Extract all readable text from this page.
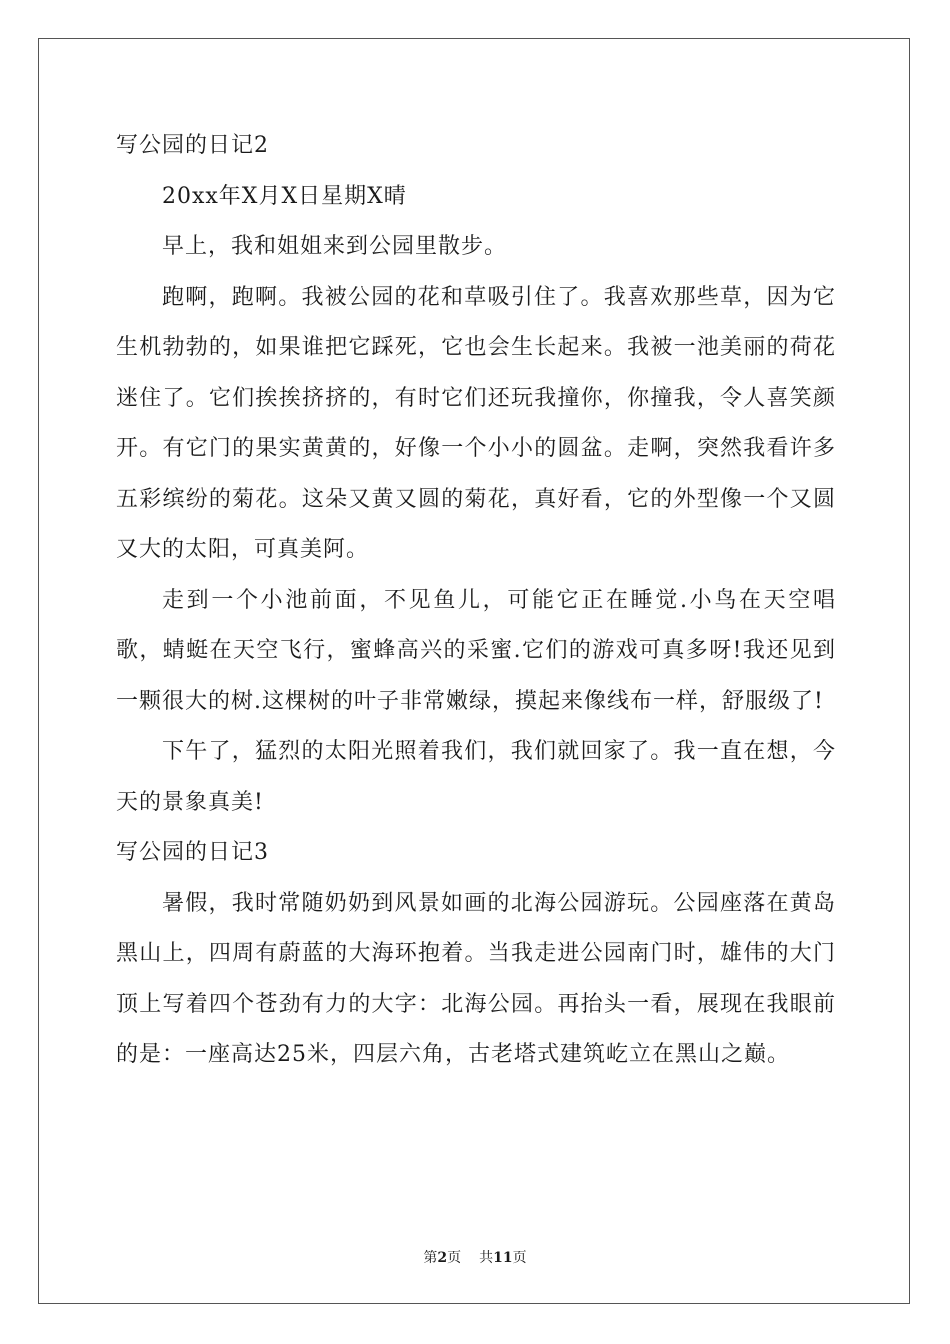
写公园的日记2

20xx年X月X日星期X晴

早上，我和姐姐来到公园里散步。

跑啊，跑啊。我被公园的花和草吸引住了。我喜欢那些草，因为它生机勃勃的，如果谁把它踩死，它也会生长起来。我被一池美丽的荷花迷住了。它们挨挨挤挤的，有时它们还玩我撞你，你撞我，令人喜笑颜开。有它门的果实黄黄的，好像一个小小的圆盆。走啊，突然我看许多五彩缤纷的菊花。这朵又黄又圆的菊花，真好看，它的外型像一个又圆又大的太阳，可真美阿。

走到一个小池前面，不见鱼儿，可能它正在睡觉.小鸟在天空唱歌，蜻蜓在天空飞行，蜜蜂高兴的采蜜.它们的游戏可真多呀!我还见到一颗很大的树.这棵树的叶子非常嫩绿，摸起来像线布一样，舒服级了!

下午了，猛烈的太阳光照着我们，我们就回家了。我一直在想，今天的景象真美!

写公园的日记3

暑假，我时常随奶奶到风景如画的北海公园游玩。公园座落在黄岛黑山上，四周有蔚蓝的大海环抱着。当我走进公园南门时，雄伟的大门顶上写着四个苍劲有力的大字：北海公园。再抬头一看，展现在我眼前的是：一座高达25米，四层六角，古老塔式建筑屹立在黑山之巅。

第2页 共11页
